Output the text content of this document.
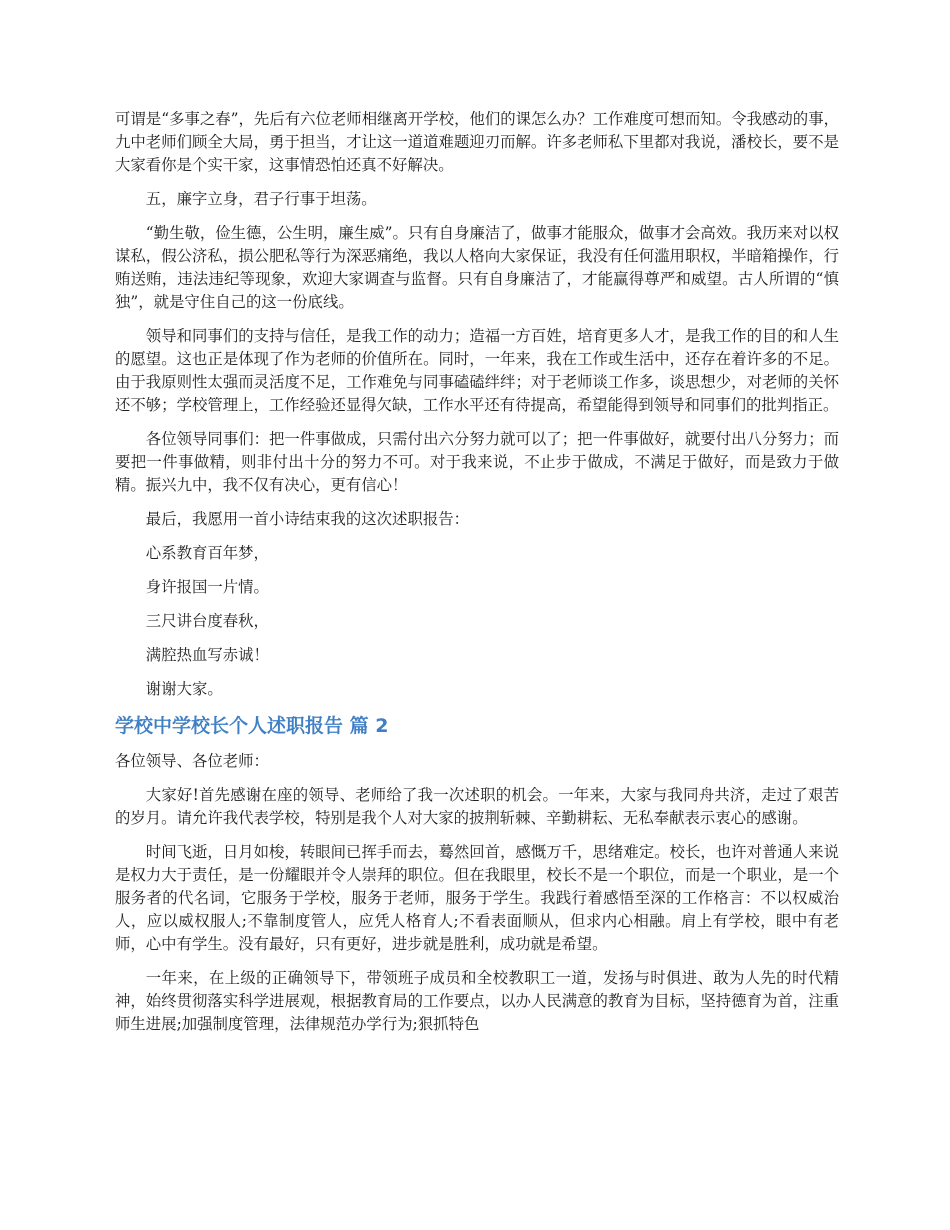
可谓是“多事之春”，先后有六位老师相继离开学校，他们的课怎么办？工作难度可想而知。令我感动的事，九中老师们顾全大局，勇于担当，才让这一道道难题迎刃而解。许多老师私下里都对我说，潘校长，要不是大家看你是个实干家，这事情恐怕还真不好解决。

五，廉字立身，君子行事于坦荡。

“勤生敬，俭生德，公生明，廉生威”。只有自身廉洁了，做事才能服众，做事才会高效。我历来对以权谋私，假公济私，损公肥私等行为深恶痛绝，我以人格向大家保证，我没有任何滥用职权，半暗箱操作，行贿送贿，违法违纪等现象，欢迎大家调查与监督。只有自身廉洁了，才能赢得尊严和威望。古人所谓的“慎独”，就是守住自己的这一份底线。

领导和同事们的支持与信任，是我工作的动力；造福一方百姓，培育更多人才，是我工作的目的和人生的愿望。这也正是体现了作为老师的价值所在。同时，一年来，我在工作或生活中，还存在着许多的不足。由于我原则性太强而灵活度不足，工作难免与同事磕磕绊绊；对于老师谈工作多，谈思想少，对老师的关怀还不够；学校管理上，工作经验还显得欠缺，工作水平还有待提高，希望能得到领导和同事们的批判指正。

各位领导同事们：把一件事做成，只需付出六分努力就可以了；把一件事做好，就要付出八分努力；而要把一件事做精，则非付出十分的努力不可。对于我来说，不止步于做成，不满足于做好，而是致力于做精。振兴九中，我不仅有决心，更有信心！

最后，我愿用一首小诗结束我的这次述职报告：

心系教育百年梦，

身许报国一片情。

三尺讲台度春秋，

满腔热血写赤诚！

谢谢大家。

学校中学校长个人述职报告 篇 2

各位领导、各位老师：

大家好!首先感谢在座的领导、老师给了我一次述职的机会。一年来，大家与我同舟共济，走过了艰苦的岁月。请允许我代表学校，特别是我个人对大家的披荆斩棘、辛勤耕耘、无私奉献表示衷心的感谢。

时间飞逝，日月如梭，转眼间已挥手而去，蓦然回首，感慨万千，思绪难定。校长，也许对普通人来说是权力大于责任，是一份耀眼并令人崇拜的职位。但在我眼里，校长不是一个职位，而是一个职业，是一个服务者的代名词，它服务于学校，服务于老师，服务于学生。我践行着感悟至深的工作格言：不以权威治人，应以威权服人;不靠制度管人，应凭人格育人;不看表面顺从，但求内心相融。肩上有学校，眼中有老师，心中有学生。没有最好，只有更好，进步就是胜利，成功就是希望。

一年来，在上级的正确领导下，带领班子成员和全校教职工一道，发扬与时俱进、敢为人先的时代精神，始终贯彻落实科学进展观，根据教育局的工作要点，以办人民满意的教育为目标，坚持德育为首，注重师生进展;加强制度管理，法律规范办学行为;狠抓特色
